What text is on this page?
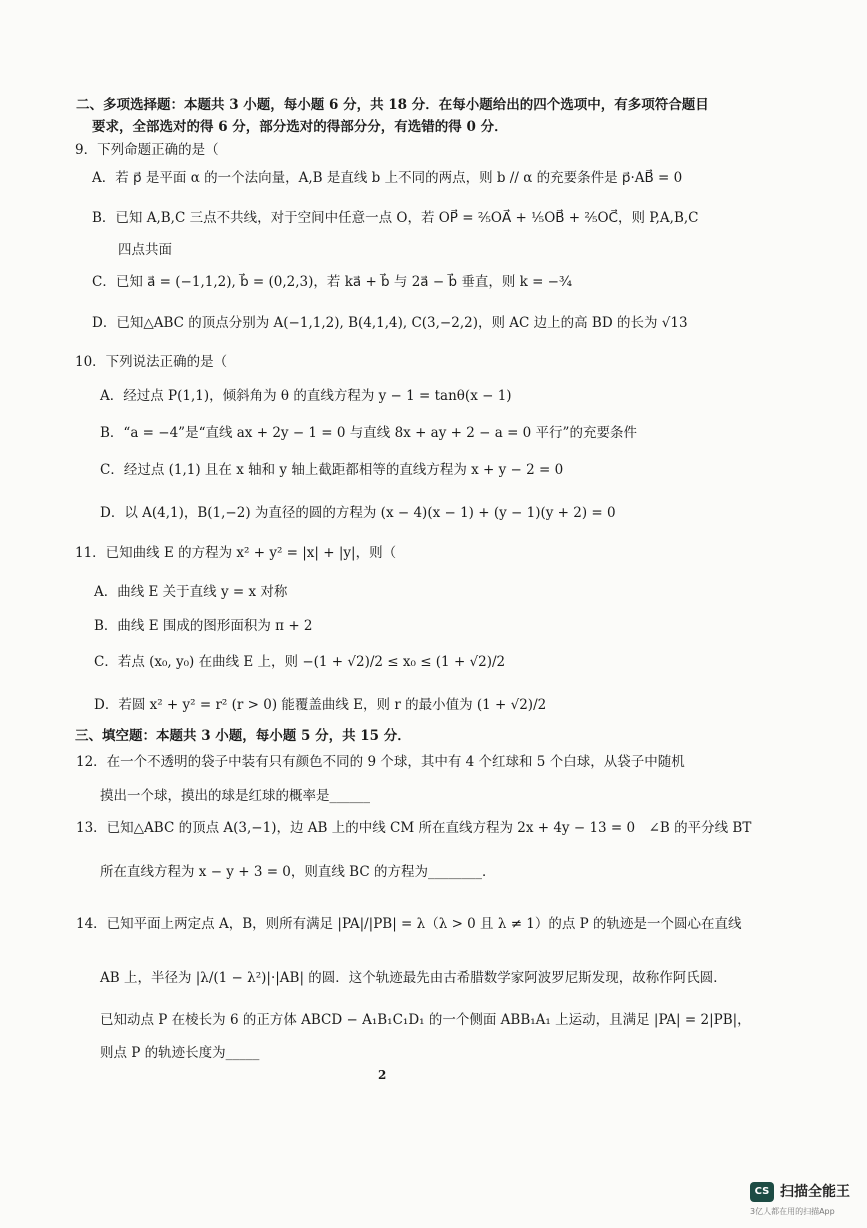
二、多项选择题：本题共 3 小题，每小题 6 分，共 18 分．在每小题给出的四个选项中，有多项符合题目
要求，全部选对的得 6 分，部分选对的得部分分，有选错的得 0 分．
9．下列命题正确的是（
A．若 p⃗ 是平面 α 的一个法向量，A,B 是直线 b 上不同的两点，则 b // α 的充要条件是 p⃗·AB⃗ = 0
B．已知 A,B,C 三点不共线，对于空间中任意一点 O，若 OP⃗ = ²⁄₅OA⃗ + ¹⁄₅OB⃗ + ²⁄₅OC⃗，则 P,A,B,C
四点共面
C．已知 a⃗ = (−1,1,2), b⃗ = (0,2,3)，若 ka⃗ + b⃗ 与 2a⃗ − b⃗ 垂直，则 k = −³⁄₄
D．已知△ABC 的顶点分别为 A(−1,1,2), B(4,1,4), C(3,−2,2)，则 AC 边上的高 BD 的长为 √13
10．下列说法正确的是（
A．经过点 P(1,1)，倾斜角为 θ 的直线方程为 y − 1 = tanθ(x − 1)
B．“a = −4”是“直线 ax + 2y − 1 = 0 与直线 8x + ay + 2 − a = 0 平行”的充要条件
C．经过点 (1,1) 且在 x 轴和 y 轴上截距都相等的直线方程为 x + y − 2 = 0
D．以 A(4,1)，B(1,−2) 为直径的圆的方程为 (x − 4)(x − 1) + (y − 1)(y + 2) = 0
11．已知曲线 E 的方程为 x² + y² = |x| + |y|，则（
A．曲线 E 关于直线 y = x 对称
B．曲线 E 围成的图形面积为 π + 2
C．若点 (x₀, y₀) 在曲线 E 上，则 −(1 + √2)/2 ≤ x₀ ≤ (1 + √2)/2
D．若圆 x² + y² = r² (r > 0) 能覆盖曲线 E，则 r 的最小值为 (1 + √2)/2
三、填空题：本题共 3 小题，每小题 5 分，共 15 分．
12．在一个不透明的袋子中装有只有颜色不同的 9 个球，其中有 4 个红球和 5 个白球，从袋子中随机
摸出一个球，摸出的球是红球的概率是______
13．已知△ABC 的顶点 A(3,−1)，边 AB 上的中线 CM 所在直线方程为 2x + 4y − 13 = 0　∠B 的平分线 BT
所在直线方程为 x − y + 3 = 0，则直线 BC 的方程为________．
14．已知平面上两定点 A，B，则所有满足 |PA|/|PB| = λ（λ > 0 且 λ ≠ 1）的点 P 的轨迹是一个圆心在直线
AB 上，半径为 |λ/(1 − λ²)|·|AB| 的圆．这个轨迹最先由古希腊数学家阿波罗尼斯发现，故称作阿氏圆．
已知动点 P 在棱长为 6 的正方体 ABCD − A₁B₁C₁D₁ 的一个侧面 ABB₁A₁ 上运动，且满足 |PA| = 2|PB|，
则点 P 的轨迹长度为_____
2
CS 扫描全能王
3亿人都在用的扫描App
